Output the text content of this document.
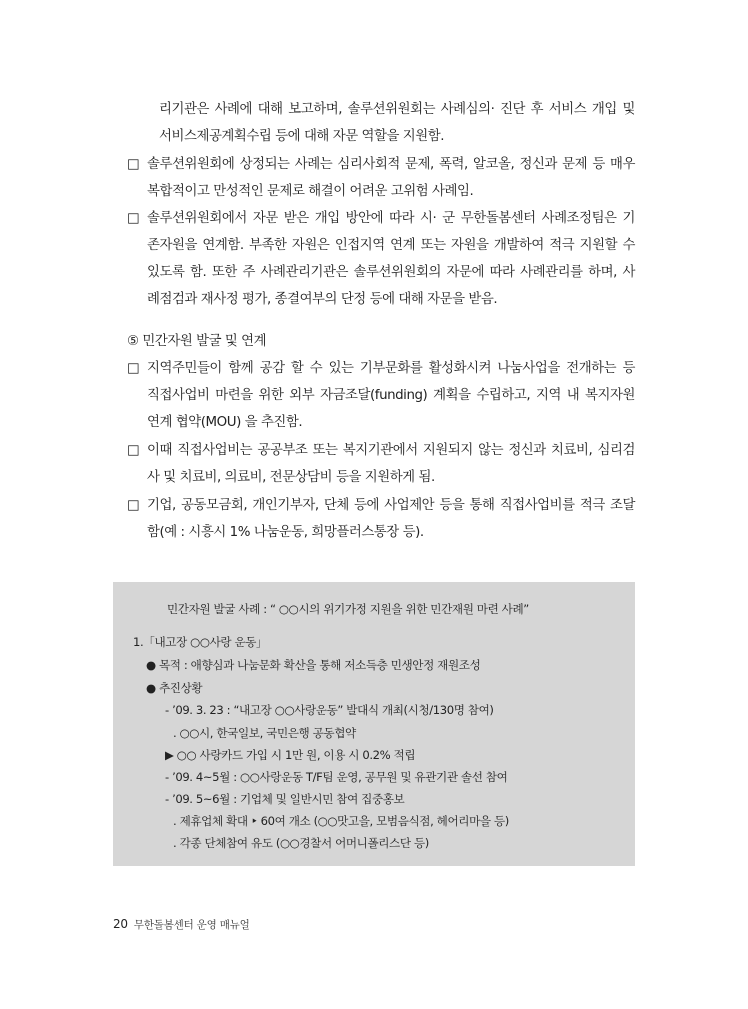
리기관은 사례에 대해 보고하며, 솔루션위원회는 사례심의· 진단 후 서비스 개입 및
서비스제공계획수립 등에 대해 자문 역할을 지원함.
□ 솔루션위원회에 상정되는 사례는 심리사회적 문제, 폭력, 알코올, 정신과 문제 등 매우
복합적이고 만성적인 문제로 해결이 어려운 고위험 사례임.
□ 솔루션위원회에서 자문 받은 개입 방안에 따라 시· 군 무한돌봄센터 사례조정팀은 기
존자원을 연계함. 부족한 자원은 인접지역 연계 또는 자원을 개발하여 적극 지원할 수
있도록 함. 또한 주 사례관리기관은 솔루션위원회의 자문에 따라 사례관리를 하며, 사
례점검과 재사정 평가, 종결여부의 단정 등에 대해 자문을 받음.
⑤ 민간자원 발굴 및 연계
□ 지역주민들이 함께 공감 할 수 있는 기부문화를 활성화시켜 나눔사업을 전개하는 등
직접사업비 마련을 위한 외부 자금조달(funding) 계획을 수립하고, 지역 내 복지자원
연계 협약(MOU) 을 추진함.
□ 이때 직접사업비는 공공부조 또는 복지기관에서 지원되지 않는 정신과 치료비, 심리검
사 및 치료비, 의료비, 전문상담비 등을 지원하게 됨.
□ 기업, 공동모금회, 개인기부자, 단체 등에 사업제안 등을 통해 직접사업비를 적극 조달
함(예 : 시흥시 1% 나눔운동, 희망플러스통장 등).
민간자원 발굴 사례 : “ ○○시의 위기가정 지원을 위한 민간재원 마련 사례”
1.「내고장 ○○사랑 운동」
● 목적 : 애향심과 나눔문화 확산을 통해 저소득층 민생안정 재원조성
● 추진상황
- ’09. 3. 23 : “내고장 ○○사랑운동” 발대식 개최(시청/130명 참여)
. ○○시, 한국일보, 국민은행 공동협약
▶ ○○ 사랑카드 가입 시 1만 원, 이용 시 0.2% 적립
- ’09. 4~5월 : ○○사랑운동 T/F팀 운영, 공무원 및 유관기관 솔선 참여
- ’09. 5~6월 : 기업체 및 일반시민 참여 집중홍보
. 제휴업체 확대 ‣ 60여 개소 (○○맛고을, 모범음식점, 헤어리마을 등)
. 각종 단체참여 유도 (○○경찰서 어머니폴리스단 등)
20 무한돌봄센터 운영 매뉴얼
